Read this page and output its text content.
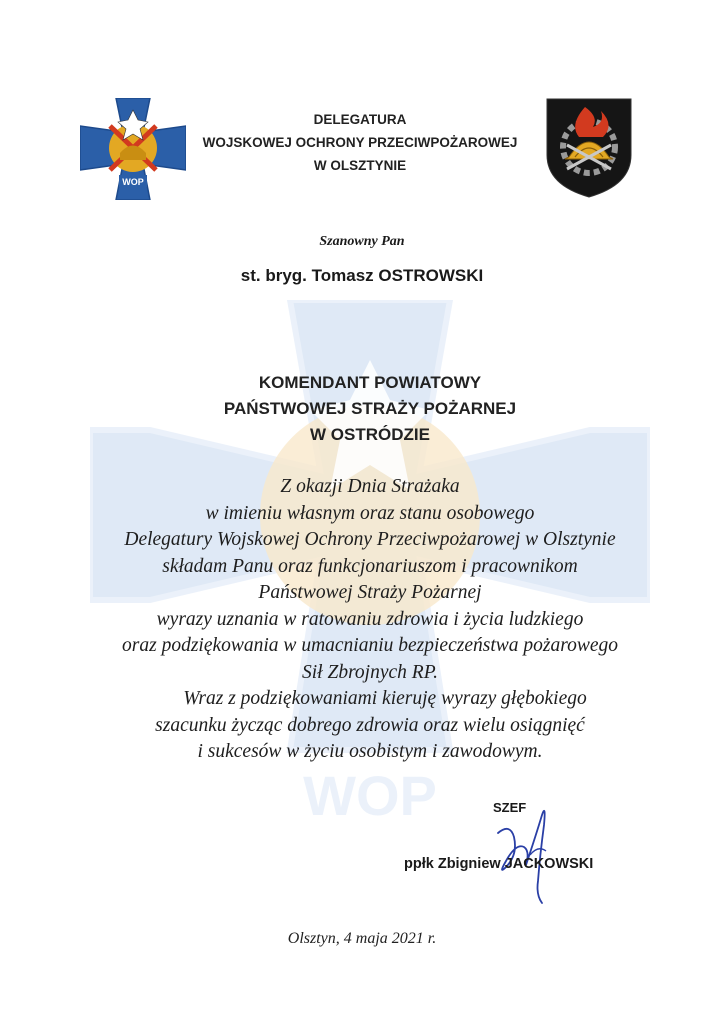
WOP
WOP
DELEGATURA
WOJSKOWEJ OCHRONY PRZECIWPOŻAROWEJ
W OLSZTYNIE
Szanowny Pan
st. bryg. Tomasz OSTROWSKI
KOMENDANT POWIATOWY
PAŃSTWOWEJ STRAŻY POŻARNEJ
W OSTRÓDZIE
Z okazji Dnia Strażaka
w imieniu własnym oraz stanu osobowego
Delegatury Wojskowej Ochrony Przeciwpożarowej w Olsztynie
składam Panu oraz funkcjonariuszom i pracownikom
Państwowej Straży Pożarnej
wyrazy uznania w ratowaniu zdrowia i życia ludzkiego
oraz podziękowania w umacnianiu bezpieczeństwa pożarowego
Sił Zbrojnych RP.
Wraz z podziękowaniami kieruję wyrazy głębokiego
szacunku życząc dobrego zdrowia oraz wielu osiągnięć
i sukcesów w życiu osobistym i zawodowym.
SZEF
ppłk Zbigniew JACKOWSKI
Olsztyn, 4 maja 2021 r.
